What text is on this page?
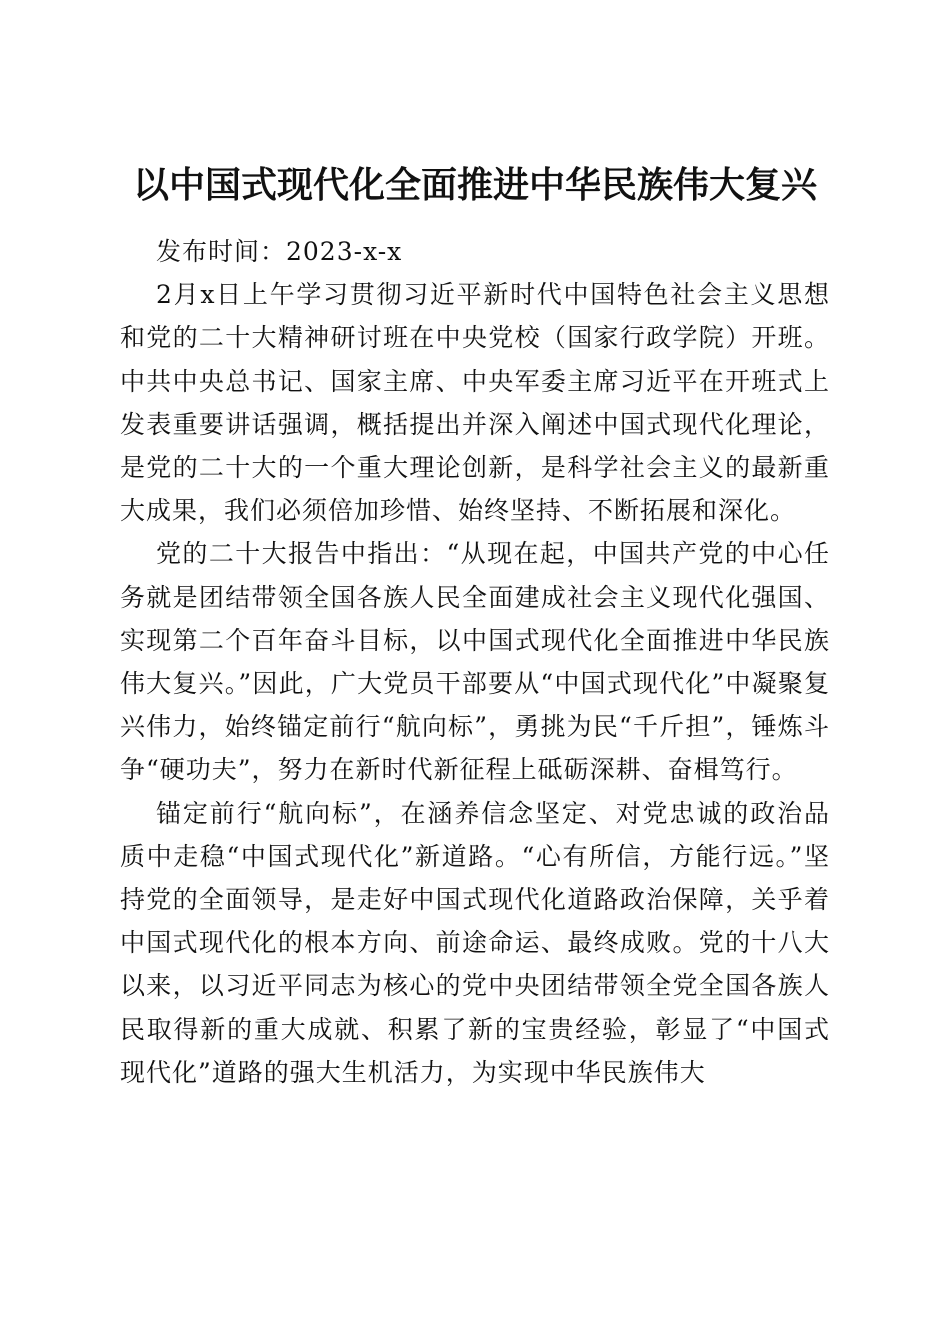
以中国式现代化全面推进中华民族伟大复兴

发布时间：2023-x-x

2月x日上午学习贯彻习近平新时代中国特色社会主义思想和党的二十大精神研讨班在中央党校（国家行政学院）开班。中共中央总书记、国家主席、中央军委主席习近平在开班式上发表重要讲话强调，概括提出并深入阐述中国式现代化理论，是党的二十大的一个重大理论创新，是科学社会主义的最新重大成果，我们必须倍加珍惜、始终坚持、不断拓展和深化。

党的二十大报告中指出：“从现在起，中国共产党的中心任务就是团结带领全国各族人民全面建成社会主义现代化强国、实现第二个百年奋斗目标，以中国式现代化全面推进中华民族伟大复兴。”因此，广大党员干部要从“中国式现代化”中凝聚复兴伟力，始终锚定前行“航向标”，勇挑为民“千斤担”，锤炼斗争“硬功夫”，努力在新时代新征程上砥砺深耕、奋楫笃行。

锚定前行“航向标”，在涵养信念坚定、对党忠诚的政治品质中走稳“中国式现代化”新道路。“心有所信，方能行远。”坚持党的全面领导，是走好中国式现代化道路政治保障，关乎着中国式现代化的根本方向、前途命运、最终成败。党的十八大以来，以习近平同志为核心的党中央团结带领全党全国各族人民取得新的重大成就、积累了新的宝贵经验，彰显了“中国式现代化”道路的强大生机活力，为实现中华民族伟大
